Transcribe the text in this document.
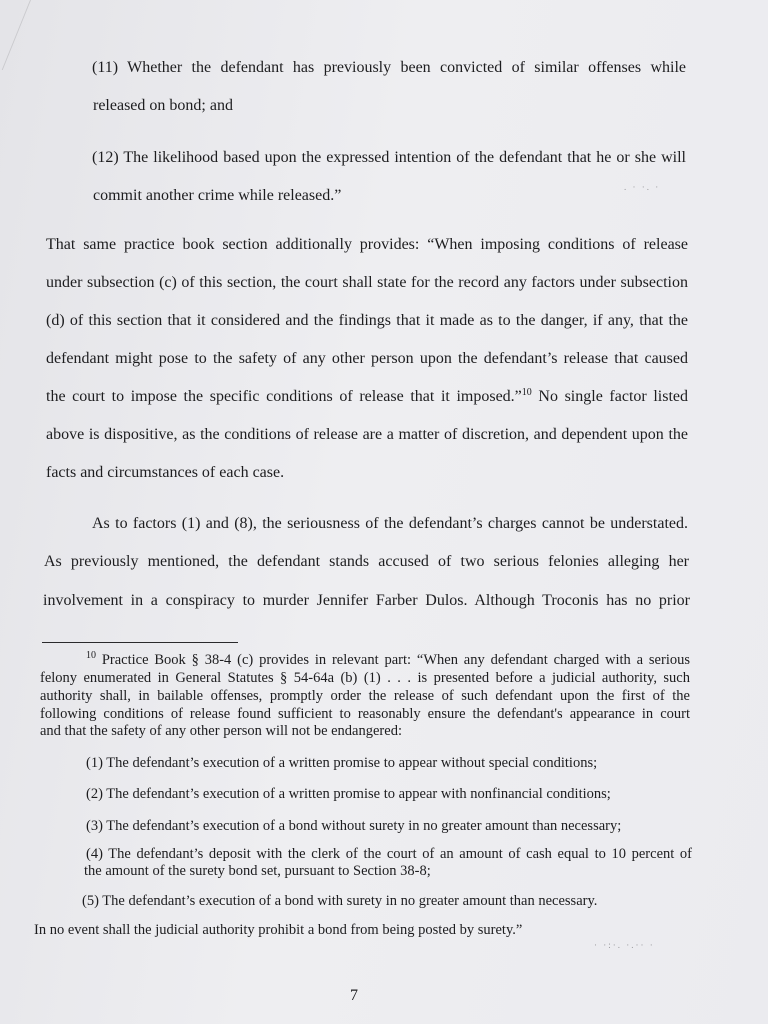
(11) Whether the defendant has previously been convicted of similar offenses while
released on bond; and
(12) The likelihood based upon the expressed intention of the defendant that he or she will
commit another crime while released.”	. · ·. ·
That same practice book section additionally provides: “When imposing conditions of release
under subsection (c) of this section, the court shall state for the record any factors under subsection
(d) of this section that it considered and the findings that it made as to the danger, if any, that the
defendant might pose to the safety of any other person upon the defendant’s release that caused
the court to impose the specific conditions of release that it imposed.”$^{10}$ No single factor listed
above is dispositive, as the conditions of release are a matter of discretion, and dependent upon the
facts and circumstances of each case.
As to factors (1) and (8), the seriousness of the defendant’s charges cannot be understated.
As previously mentioned, the defendant stands accused of two serious felonies alleging her
involvement in a conspiracy to murder Jennifer Farber Dulos. Although Troconis has no prior
$^{10}$ Practice Book § 38-4 (c) provides in relevant part: “When any defendant charged with a serious
felony enumerated in General Statutes § 54-64a (b) (1) . . . is presented before a judicial authority, such
authority shall, in bailable offenses, promptly order the release of such defendant upon the first of the
following conditions of release found sufficient to reasonably ensure the defendant's appearance in court
and that the safety of any other person will not be endangered:
(1) The defendant’s execution of a written promise to appear without special conditions;
(2) The defendant’s execution of a written promise to appear with nonfinancial conditions;
(3) The defendant’s execution of a bond without surety in no greater amount than necessary;
(4) The defendant’s deposit with the clerk of the court of an amount of cash equal to 10 percent of
the amount of the surety bond set, pursuant to Section 38-8;
(5) The defendant’s execution of a bond with surety in no greater amount than necessary.
In no event shall the judicial authority prohibit a bond from being posted by surety.”
· ·:·. ·.·· ·
7
